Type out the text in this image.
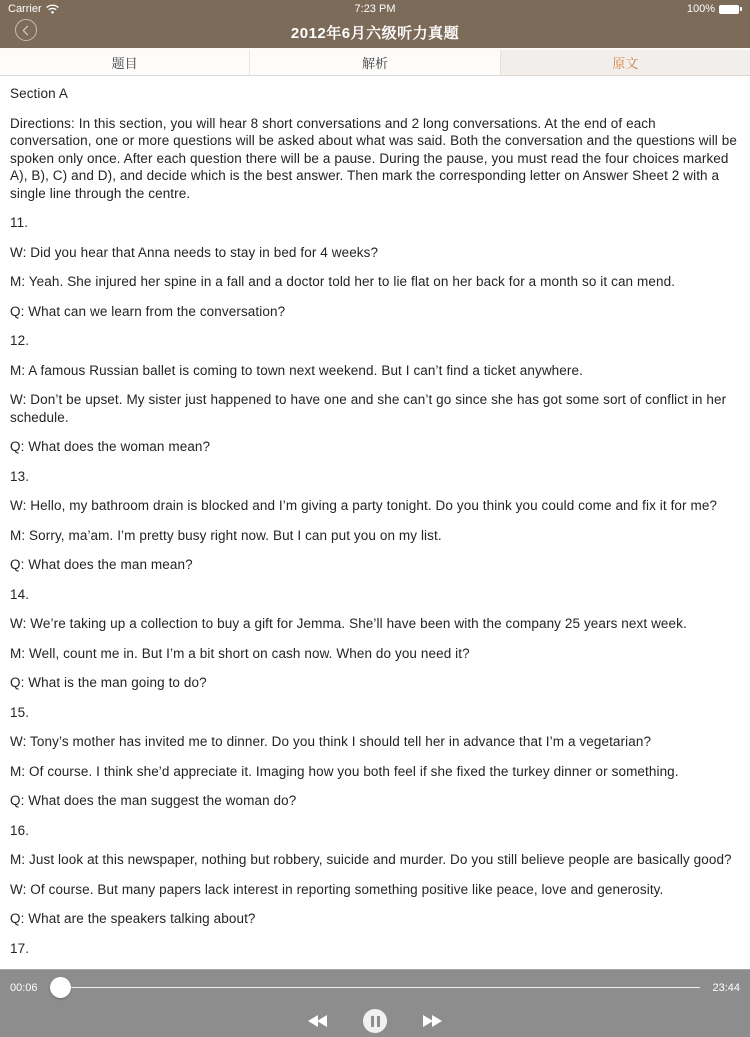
Carrier	7:23 PM	100%
2012年6月六级听力真题
题目	解析	原文

Section A

Directions: In this section, you will hear 8 short conversations and 2 long conversations. At the end of each conversation, one or more questions will be asked about what was said. Both the conversation and the questions will be spoken only once. After each question there will be a pause. During the pause, you must read the four choices marked A), B), C) and D), and decide which is the best answer. Then mark the corresponding letter on Answer Sheet 2 with a single line through the centre.

11.

W: Did you hear that Anna needs to stay in bed for 4 weeks?

M: Yeah. She injured her spine in a fall and a doctor told her to lie flat on her back for a month so it can mend.

Q: What can we learn from the conversation?

12.

M: A famous Russian ballet is coming to town next weekend. But I can’t find a ticket anywhere.

W: Don’t be upset. My sister just happened to have one and she can’t go since she has got some sort of conflict in her schedule.

Q: What does the woman mean?

13.

W: Hello, my bathroom drain is blocked and I’m giving a party tonight. Do you think you could come and fix it for me?

M: Sorry, ma’am. I’m pretty busy right now. But I can put you on my list.

Q: What does the man mean?

14.

W: We’re taking up a collection to buy a gift for Jemma. She’ll have been with the company 25 years next week.

M: Well, count me in. But I’m a bit short on cash now. When do you need it?

Q: What is the man going to do?

15.

W: Tony’s mother has invited me to dinner. Do you think I should tell her in advance that I’m a vegetarian?

M: Of course. I think she’d appreciate it. Imaging how you both feel if she fixed the turkey dinner or something.

Q: What does the man suggest the woman do?

16.

M: Just look at this newspaper, nothing but robbery, suicide and murder. Do you still believe people are basically good?

W: Of course. But many papers lack interest in reporting something positive like peace, love and generosity.

Q: What are the speakers talking about?

17.

00:06	23:44
